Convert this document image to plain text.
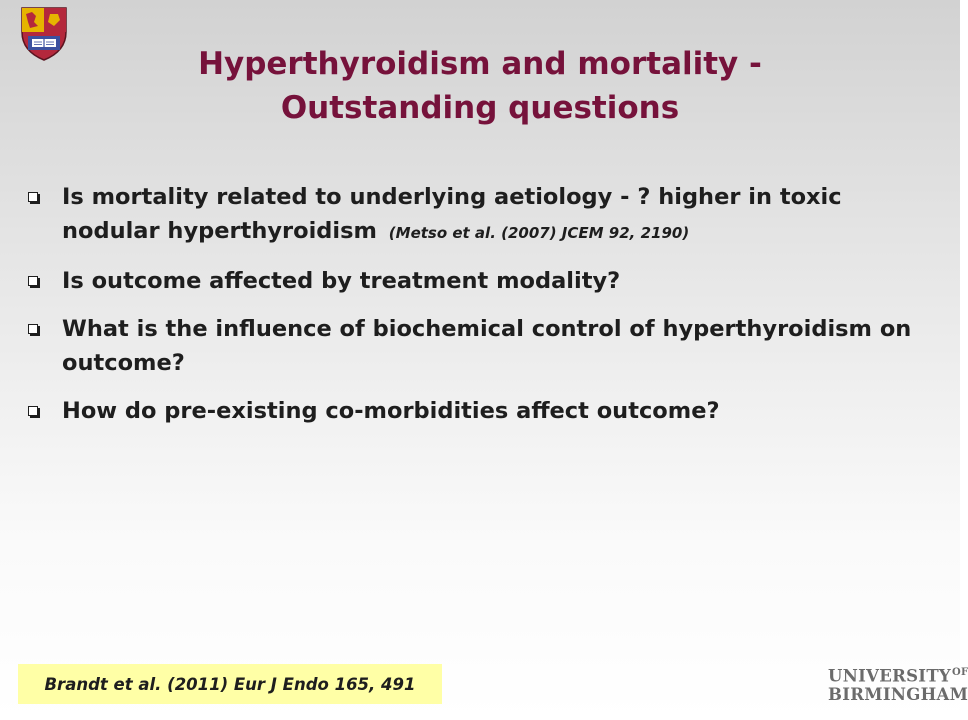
Hyperthyroidism and mortality -
Outstanding questions
Is mortality related to underlying aetiology - ? higher in toxic nodular hyperthyroidism (Metso et al. (2007) JCEM 92, 2190)
Is outcome affected by treatment modality?
What is the influence of biochemical control of hyperthyroidism on outcome?
How do pre-existing co-morbidities affect outcome?
Brandt et al. (2011) Eur J Endo 165, 491	$UNIVERSITY^{OF}$
BIRMINGHAM
